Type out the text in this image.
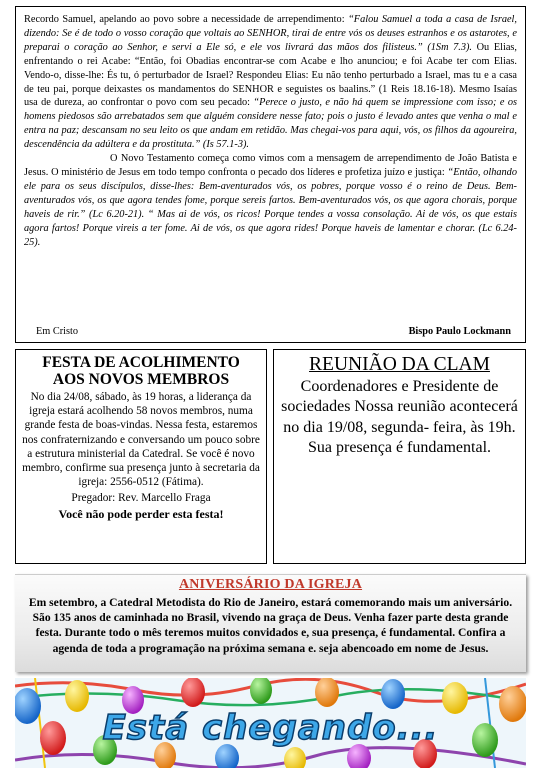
Recordo Samuel, apelando ao povo sobre a necessidade de arrependimento: “Falou Samuel a toda a casa de Israel, dizendo: Se é de todo o vosso coração que voltais ao SENHOR, tirai de entre vós os deuses estranhos e os astarotes, e preparai o coração ao Senhor, e servi a Ele só, e ele vos livrará das mãos dos filisteus.” (1Sm 7.3). Ou Elias, enfrentando o rei Acabe: “Então, foi Obadias encontrar-se com Acabe e lho anunciou; e foi Acabe ter com Elias. Vendo-o, disse-lhe: És tu, ó perturbador de Israel? Respondeu Elias: Eu não tenho perturbado a Israel, mas tu e a casa de teu pai, porque deixastes os mandamentos do SENHOR e seguistes os baalins.” (1 Reis 18.16-18). Mesmo Isaías usa de dureza, ao confrontar o povo com seu pecado: “Perece o justo, e não há quem se impressione com isso; e os homens piedosos são arrebatados sem que alguém considere nesse fato; pois o justo é levado antes que venha o mal e entra na paz; descansam no seu leito os que andam em retidão. Mas chegai-vos para aqui, vós, os filhos da agoureira, descendência da adúltera e da prostituta.” (Is 57.1-3).

O Novo Testamento começa como vimos com a mensagem de arrependimento de João Batista e Jesus. O ministério de Jesus em todo tempo confronta o pecado dos líderes e profetiza juízo e justiça: “Então, olhando ele para os seus discípulos, disse-lhes: Bem-aventurados vós, os pobres, porque vosso é o reino de Deus. Bem-aventurados vós, os que agora tendes fome, porque sereis fartos. Bem-aventurados vós, os que agora chorais, porque haveis de rir.” (Lc 6.20-21). “ Mas ai de vós, os ricos! Porque tendes a vossa consolação. Ai de vós, os que estais agora fartos! Porque vireis a ter fome. Ai de vós, os que agora rides! Porque haveis de lamentar e chorar. (Lc 6.24-25).

Em Cristo	Bispo Paulo Lockmann
FESTA DE ACOLHIMENTO
AOS NOVOS MEMBROS
No dia 24/08, sábado, às 19 horas, a liderança da igreja estará acolhendo 58 novos membros, numa grande festa de boas-vindas. Nessa festa, estaremos nos confraternizando e conversando um pouco sobre a estrutura ministerial da Catedral. Se você é novo membro, confirme sua presença junto à secretaria da igreja: 2556-0512 (Fátima).
Pregador: Rev. Marcello Fraga
Você não pode perder esta festa!
REUNIÃO DA CLAM
Coordenadores e Presidente de sociedades Nossa reunião acontecerá no dia 19/08, segunda- feira, às 19h. Sua presença é fundamental.
ANIVERSÁRIO DA IGREJA
Em setembro, a Catedral Metodista do Rio de Janeiro, estará comemorando mais um aniversário. São 135 anos de caminhada no Brasil, vivendo na graça de Deus. Venha fazer parte desta grande festa. Durante todo o mês teremos muitos convidados e, sua presença, é fundamental. Confira a agenda de toda a programação na próxima semana e. seja abencoado em nome de Jesus.
Está chegando...
